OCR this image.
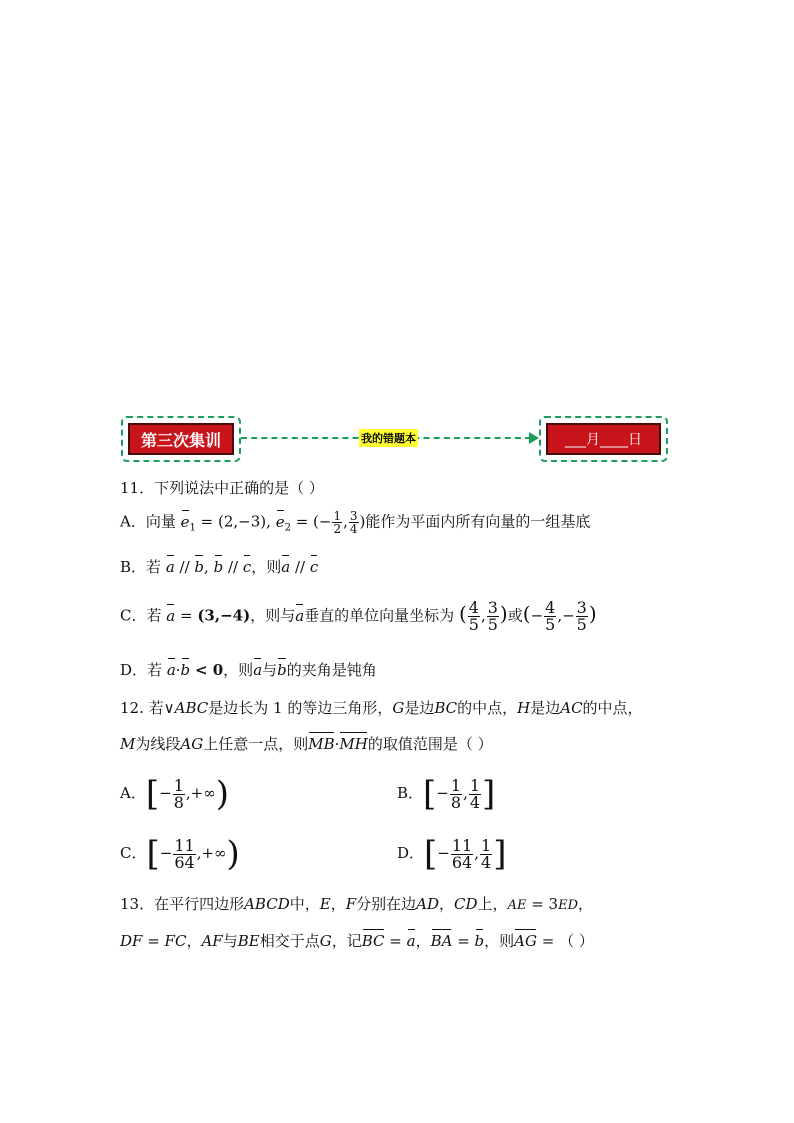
第三次集训	我的错题本	___月____日
11．下列说法中正确的是（ ）
A．向量 $e_1 = (2,-3)$, $e_2$ = (− $\frac{1}{2}$ , $\frac{3}{4}$ )能作为平面内所有向量的一组基底
B．若 a // b, b // c，则a // c
C．若 a = (3,−4)，则与a垂直的单位向量坐标为 ( $\frac{4}{5}$ , $\frac{3}{5}$ )或(− $\frac{4}{5}$ ,− $\frac{3}{5}$ )
D．若 a·b < 0，则a与b的夹角是钝角
12. 若∨ABC是边长为 1 的等边三角形，G是边BC的中点，H是边AC的中点，
M为线段AG上任意一点，则MB·MH的取值范围是（ ）
A．[− $\frac{1}{8}$ ,+∞)	B．[− $\frac{1}{8}$ , $\frac{1}{4}$ ]
C．[− $\frac{11}{64}$ ,+∞)	D．[− $\frac{11}{64}$ , $\frac{1}{4}$ ]
13．在平行四边形ABCD中，E，F分别在边AD，CD上，AE = 3ED，
DF = FC，AF与BE相交于点G，记BC = a，BA = b，则AG = （ ）
